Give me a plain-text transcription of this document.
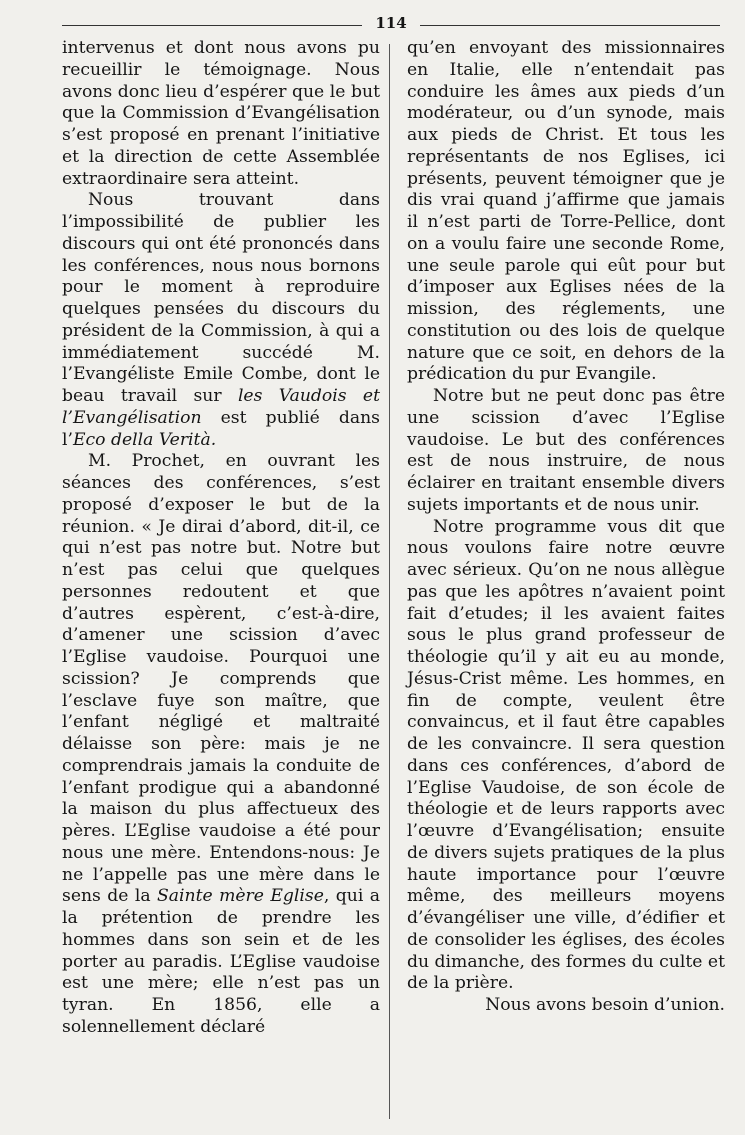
114

intervenus et dont nous avons pu recueillir le témoignage. Nous avons donc lieu d’espérer que le but que la Commission d’Evangélisation s’est proposé en prenant l’initiative et la direction de cette Assemblée extraordinaire sera atteint.

Nous trouvant dans l’impossibilité de publier les discours qui ont été prononcés dans les conférences, nous nous bornons pour le moment à reproduire quelques pensées du discours du président de la Commission, à qui a immédiatement succédé M. l’Evangéliste Emile Combe, dont le beau travail sur les Vaudois et l’Evangélisation est publié dans l’Eco della Verità.

M. Prochet, en ouvrant les séances des conférences, s’est proposé d’exposer le but de la réunion. « Je dirai d’abord, dit-il, ce qui n’est pas notre but. Notre but n’est pas celui que quelques personnes redoutent et que d’autres espèrent, c’est-à-dire, d’amener une scission d’avec l’Eglise vaudoise. Pourquoi une scission? Je comprends que l’esclave fuye son maître, que l’enfant négligé et maltraité délaisse son père: mais je ne comprendrais jamais la conduite de l’enfant prodigue qui a abandonné la maison du plus affectueux des pères. L’Eglise vaudoise a été pour nous une mère. Entendons-nous: Je ne l’appelle pas une mère dans le sens de la Sainte mère Eglise, qui a la prétention de prendre les hommes dans son sein et de les porter au paradis. L’Eglise vaudoise est une mère; elle n’est pas un tyran. En 1856, elle a solennellement déclaré

qu’en envoyant des missionnaires en Italie, elle n’entendait pas conduire les âmes aux pieds d’un modérateur, ou d’un synode, mais aux pieds de Christ. Et tous les représentants de nos Eglises, ici présents, peuvent témoigner que je dis vrai quand j’affirme que jamais il n’est parti de Torre-Pellice, dont on a voulu faire une seconde Rome, une seule parole qui eût pour but d’imposer aux Eglises nées de la mission, des réglements, une constitution ou des lois de quelque nature que ce soit, en dehors de la prédication du pur Evangile.

Notre but ne peut donc pas être une scission d’avec l’Eglise vaudoise. Le but des conférences est de nous instruire, de nous éclairer en traitant ensemble divers sujets importants et de nous unir.

Notre programme vous dit que nous voulons faire notre œuvre avec sérieux. Qu’on ne nous allègue pas que les apôtres n’avaient point fait d’etudes; il les avaient faites sous le plus grand professeur de théologie qu’il y ait eu au monde, Jésus-Crist même. Les hommes, en fin de compte, veulent être convaincus, et il faut être capables de les convaincre. Il sera question dans ces conférences, d’abord de l’Eglise Vaudoise, de son école de théologie et de leurs rapports avec l’œuvre d’Evangélisation; ensuite de divers sujets pratiques de la plus haute importance pour l’œuvre même, des meilleurs moyens d’évangéliser une ville, d’édifier et de consolider les églises, des écoles du dimanche, des formes du culte et de la prière.

Nous avons besoin d’union.
